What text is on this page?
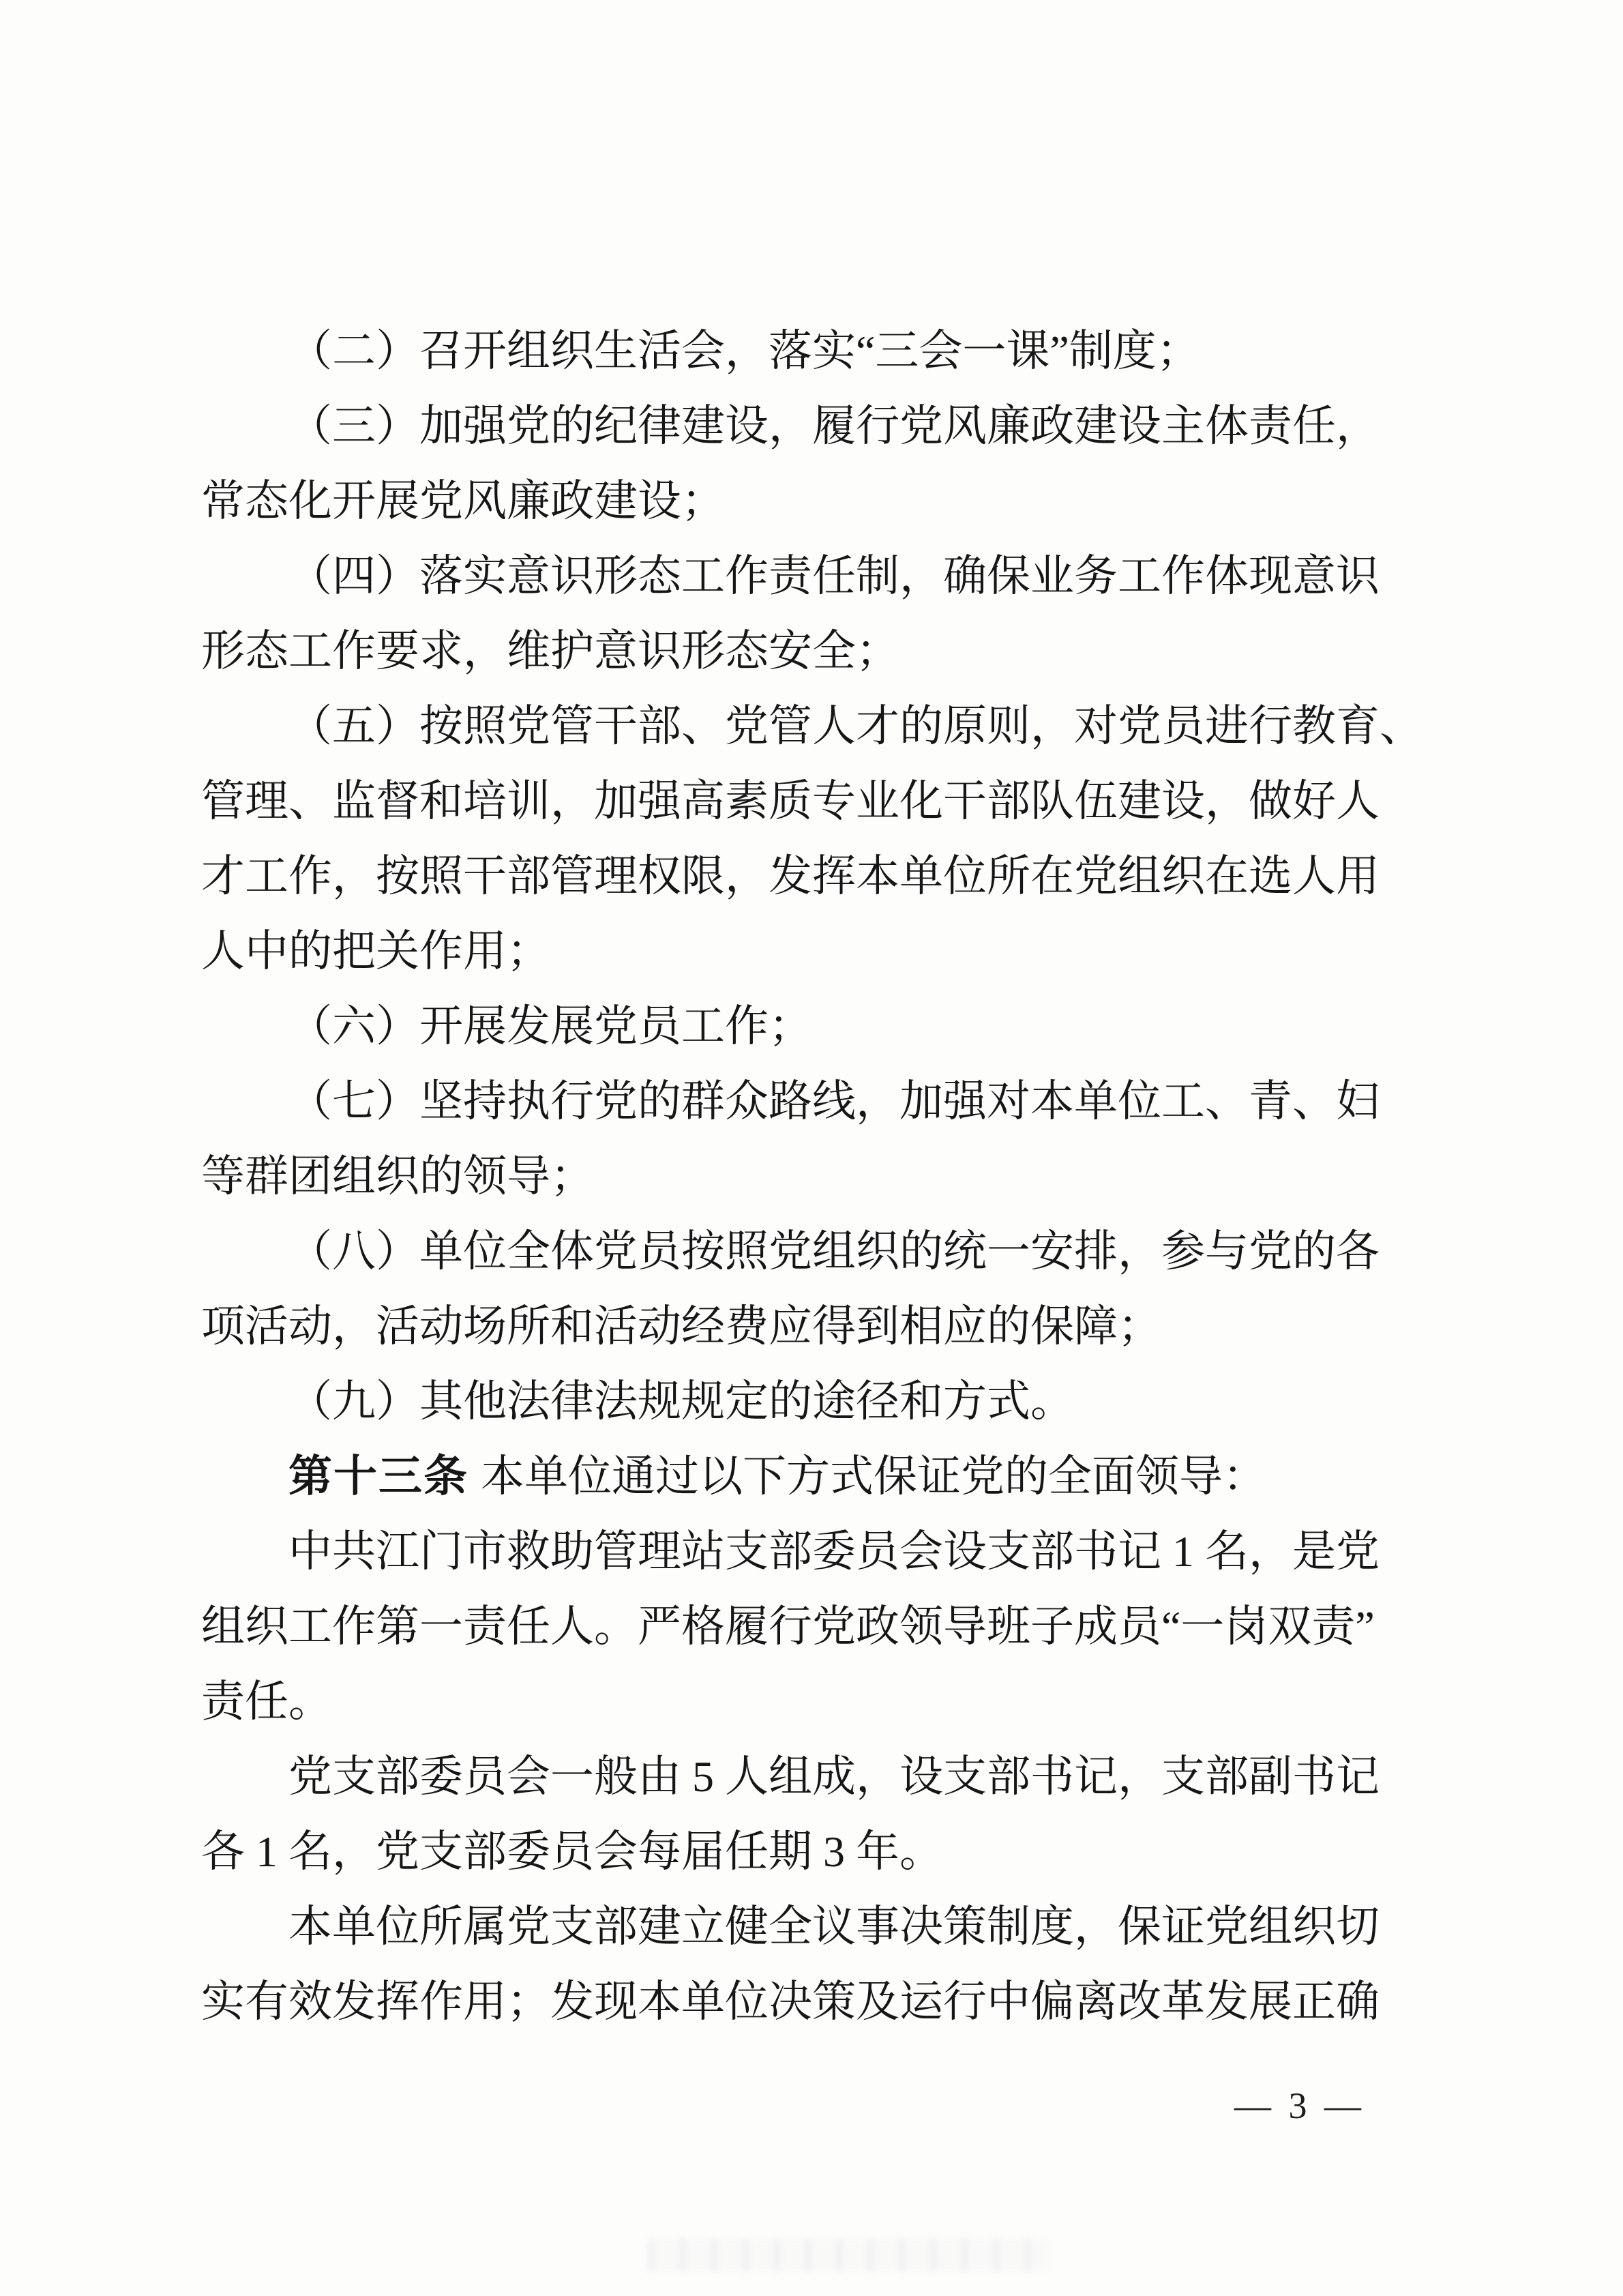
（二）召开组织生活会，落实“三会一课”制度；
（三）加强党的纪律建设，履行党风廉政建设主体责任，
常态化开展党风廉政建设；
（四）落实意识形态工作责任制，确保业务工作体现意识
形态工作要求，维护意识形态安全；
（五）按照党管干部、党管人才的原则，对党员进行教育、
管理、监督和培训，加强高素质专业化干部队伍建设，做好人
才工作，按照干部管理权限，发挥本单位所在党组织在选人用
人中的把关作用；
（六）开展发展党员工作；
（七）坚持执行党的群众路线，加强对本单位工、青、妇
等群团组织的领导；
（八）单位全体党员按照党组织的统一安排，参与党的各
项活动，活动场所和活动经费应得到相应的保障；
（九）其他法律法规规定的途径和方式。
第十三条 本单位通过以下方式保证党的全面领导：
中共江门市救助管理站支部委员会设支部书记 1 名，是党
组织工作第一责任人。严格履行党政领导班子成员“一岗双责”
责任。
党支部委员会一般由 5 人组成，设支部书记，支部副书记
各 1 名，党支部委员会每届任期 3 年。
本单位所属党支部建立健全议事决策制度，保证党组织切
实有效发挥作用；发现本单位决策及运行中偏离改革发展正确
— 3 —
